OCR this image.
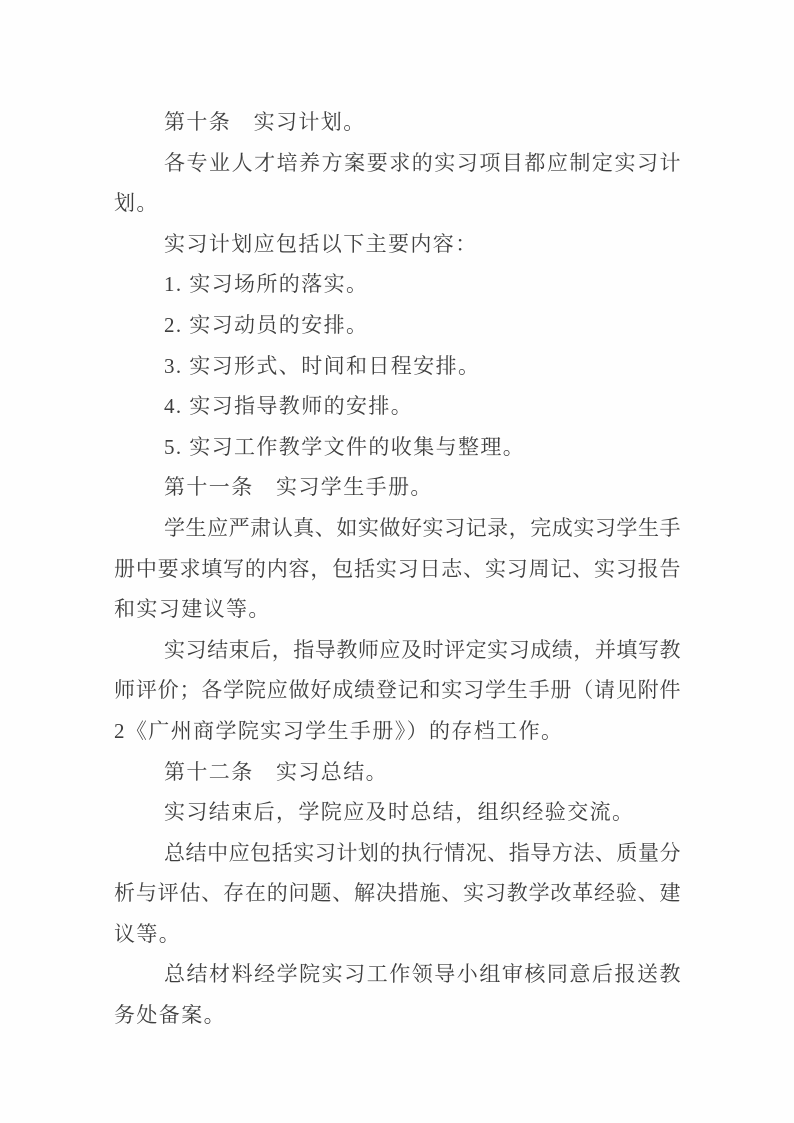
第十条　实习计划。

各专业人才培养方案要求的实习项目都应制定实习计
划。

实习计划应包括以下主要内容：

1. 实习场所的落实。

2. 实习动员的安排。

3. 实习形式、时间和日程安排。

4. 实习指导教师的安排。

5. 实习工作教学文件的收集与整理。

第十一条　实习学生手册。

学生应严肃认真、如实做好实习记录，完成实习学生手
册中要求填写的内容，包括实习日志、实习周记、实习报告
和实习建议等。

实习结束后，指导教师应及时评定实习成绩，并填写教
师评价；各学院应做好成绩登记和实习学生手册（请见附件
2《广州商学院实习学生手册》）的存档工作。

第十二条　实习总结。

实习结束后，学院应及时总结，组织经验交流。

总结中应包括实习计划的执行情况、指导方法、质量分
析与评估、存在的问题、解决措施、实习教学改革经验、建
议等。

总结材料经学院实习工作领导小组审核同意后报送教
务处备案。
